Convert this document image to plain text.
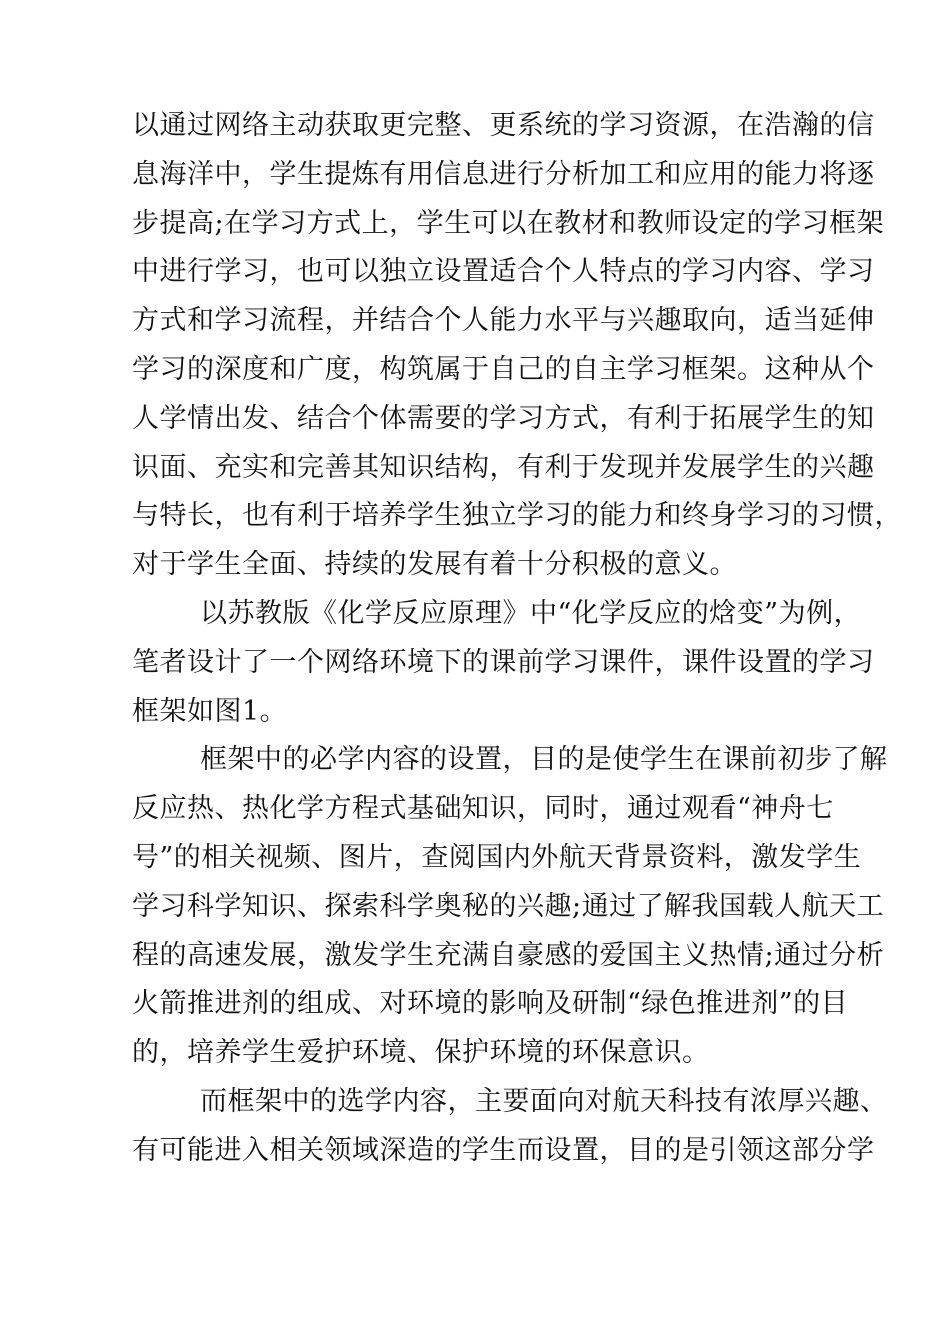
以通过网络主动获取更完整、更系统的学习资源，在浩瀚的信
息海洋中，学生提炼有用信息进行分析加工和应用的能力将逐
步提高;在学习方式上，学生可以在教材和教师设定的学习框架
中进行学习，也可以独立设置适合个人特点的学习内容、学习
方式和学习流程，并结合个人能力水平与兴趣取向，适当延伸
学习的深度和广度，构筑属于自己的自主学习框架。这种从个
人学情出发、结合个体需要的学习方式，有利于拓展学生的知
识面、充实和完善其知识结构，有利于发现并发展学生的兴趣
与特长，也有利于培养学生独立学习的能力和终身学习的习惯，
对于学生全面、持续的发展有着十分积极的意义。
以苏教版《化学反应原理》中“化学反应的焓变”为例，
笔者设计了一个网络环境下的课前学习课件，课件设置的学习
框架如图1。
框架中的必学内容的设置，目的是使学生在课前初步了解
反应热、热化学方程式基础知识，同时，通过观看“神舟七
号”的相关视频、图片，查阅国内外航天背景资料，激发学生
学习科学知识、探索科学奥秘的兴趣;通过了解我国载人航天工
程的高速发展，激发学生充满自豪感的爱国主义热情;通过分析
火箭推进剂的组成、对环境的影响及研制“绿色推进剂”的目
的，培养学生爱护环境、保护环境的环保意识。
而框架中的选学内容，主要面向对航天科技有浓厚兴趣、
有可能进入相关领域深造的学生而设置，目的是引领这部分学
